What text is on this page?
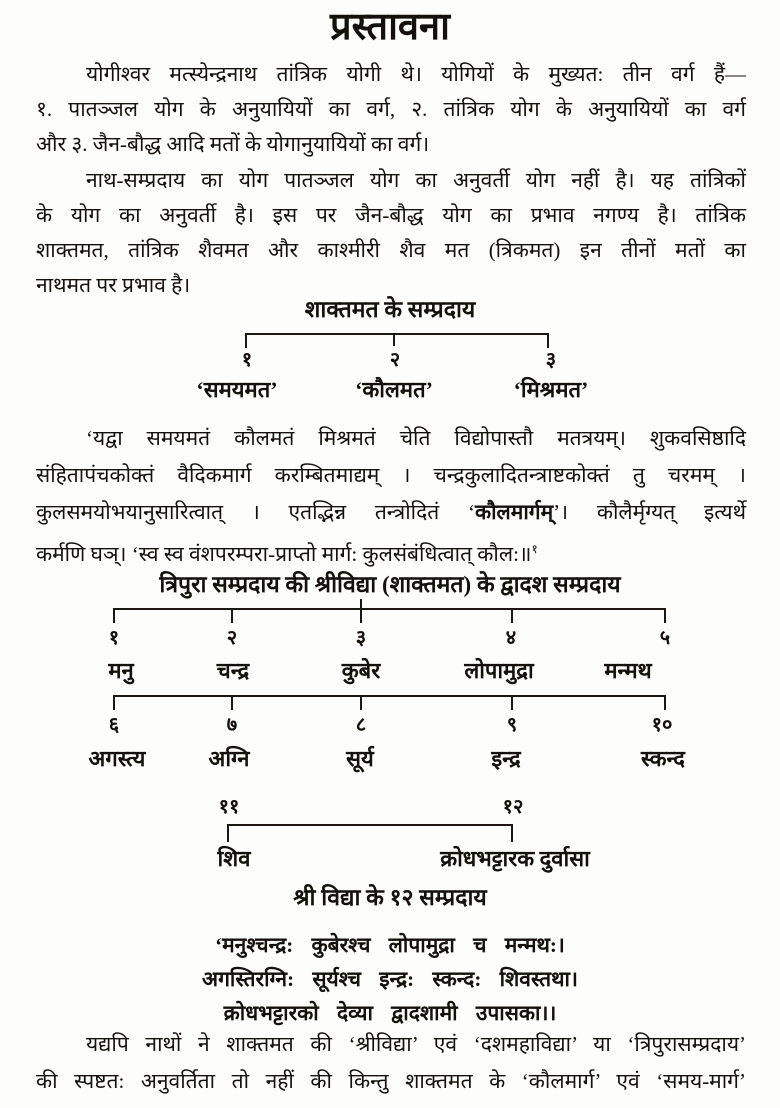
प्रस्तावना
योगीश्वर मत्स्येन्द्रनाथ तांत्रिक योगी थे। योगियों के मुख्यत: तीन वर्ग हैं—
१. पातञ्जल योग के अनुयायियों का वर्ग, २. तांत्रिक योग के अनुयायियों का वर्ग
और ३. जैन-बौद्ध आदि मतों के योगानुयायियों का वर्ग।
नाथ-सम्प्रदाय का योग पातञ्जल योग का अनुवर्ती योग नहीं है। यह तांत्रिकों
के योग का अनुवर्ती है। इस पर जैन-बौद्ध योग का प्रभाव नगण्य है। तांत्रिक
शाक्तमत, तांत्रिक शैवमत और काश्मीरी शैव मत (त्रिकमत) इन तीनों मतों का
नाथमत पर प्रभाव है।
शाक्तमत के सम्प्रदाय
१	२	३
‘समयमत’	‘कौलमत’	‘मिश्रमत’
‘यद्वा समयमतं कौलमतं मिश्रमतं चेति विद्योपास्तौ मतत्रयम्। शुकवसिष्ठादि
संहितापंचकोक्तं वैदिकमार्ग करम्बितमाद्यम् । चन्द्रकुलादितन्त्राष्टकोक्तं तु चरमम् ।
कुलसमयोभयानुसारित्वात् । एतद्भिन्न तन्त्रोदितं ‘कौलमार्गम्’। कौलैर्मृग्यत् इत्यर्थे
कर्मणि घञ्। ‘स्व स्व वंशपरम्परा-प्राप्तो मार्ग: कुलसंबंधित्वात् कौल:॥$^१$
त्रिपुरा सम्प्रदाय की श्रीविद्या (शाक्तमत) के द्वादश सम्प्रदाय
१	२	३	४	५
मनु	चन्द्र	कुबेर	लोपामुद्रा	मन्मथ
६	७	८	९	१०
अगस्त्य	अग्नि	सूर्य	इन्द्र	स्कन्द
११	१२
शिव	क्रोधभट्टारक दुर्वासा
श्री विद्या के १२ सम्प्रदाय
‘मनुश्चन्द्र: कुबेरश्च लोपामुद्रा च मन्मथ:।
अगस्तिरग्नि: सूर्यश्च इन्द्र: स्कन्द: शिवस्तथा।
क्रोधभट्टारको देव्या द्वादशामी उपासका।।
यद्यपि नाथों ने शाक्तमत की ‘श्रीविद्या’ एवं ‘दशमहाविद्या’ या ‘त्रिपुरासम्प्रदाय’
की स्पष्टत: अनुवर्तिता तो नहीं की किन्तु शाक्तमत के ‘कौलमार्ग’ एवं ‘समय-मार्ग’
